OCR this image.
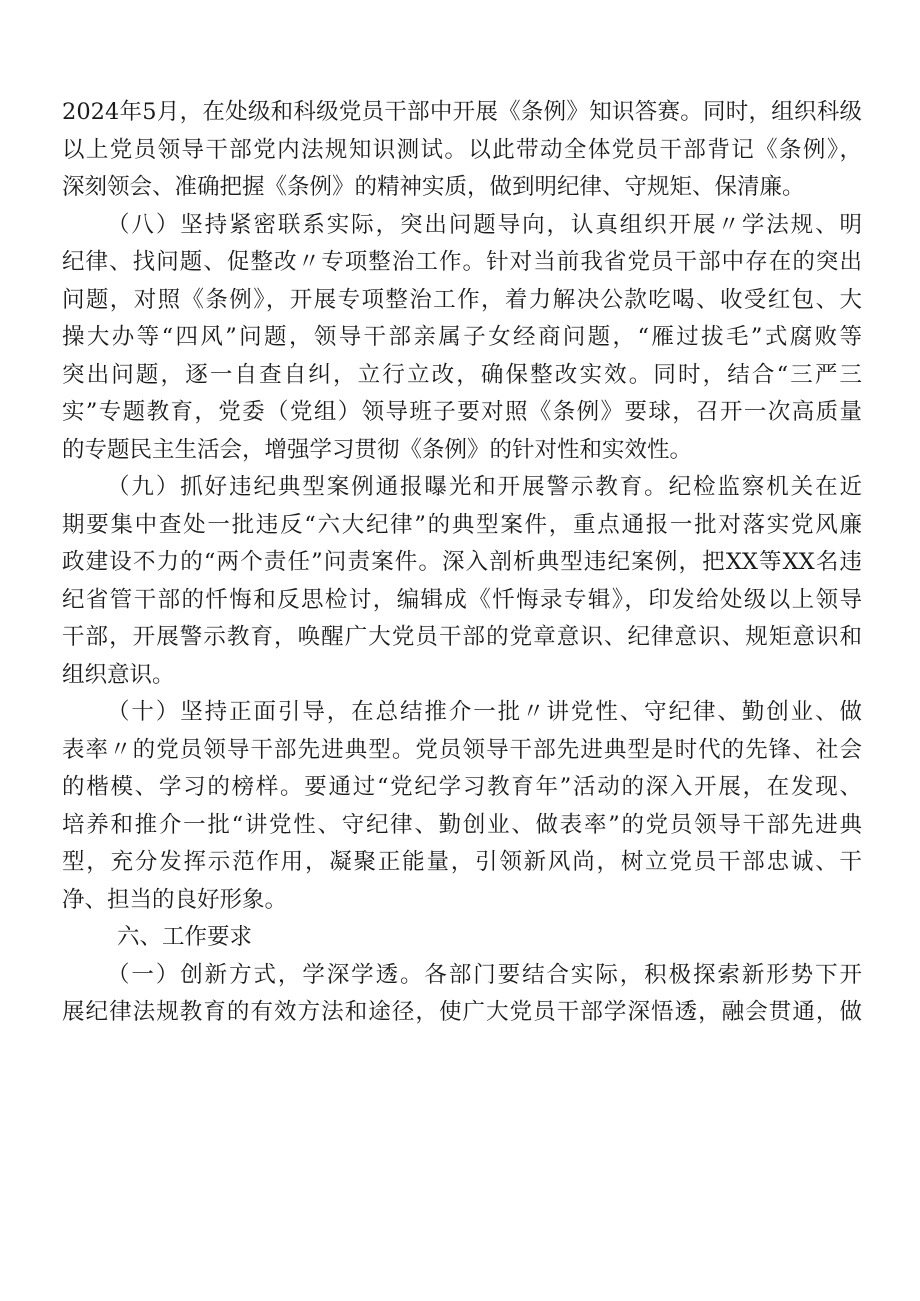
2024年5月，在处级和科级党员干部中开展《条例》知识答赛。同时，组织科级
以上党员领导干部党内法规知识测试。以此带动全体党员干部背记《条例》，
深刻领会、准确把握《条例》的精神实质，做到明纪律、守规矩、保清廉。
（八）坚持紧密联系实际，突出问题导向，认真组织开展〃学法规、明
纪律、找问题、促整改〃专项整治工作。针对当前我省党员干部中存在的突出
问题，对照《条例》，开展专项整治工作，着力解决公款吃喝、收受红包、大
操大办等“四风”问题，领导干部亲属子女经商问题，“雁过拔毛”式腐败等
突出问题，逐一自查自纠，立行立改，确保整改实效。同时，结合“三严三
实”专题教育，党委（党组）领导班子要对照《条例》要球，召开一次高质量
的专题民主生活会，增强学习贯彻《条例》的针对性和实效性。
（九）抓好违纪典型案例通报曝光和开展警示教育。纪检监察机关在近
期要集中查处一批违反“六大纪律”的典型案件，重点通报一批对落实党风廉
政建设不力的“两个责任”问责案件。深入剖析典型违纪案例，把XX等XX名违
纪省管干部的忏悔和反思检讨，编辑成《忏悔录专辑》，印发给处级以上领导
干部，开展警示教育，唤醒广大党员干部的党章意识、纪律意识、规矩意识和
组织意识。
（十）坚持正面引导，在总结推介一批〃讲党性、守纪律、勤创业、做
表率〃的党员领导干部先进典型。党员领导干部先进典型是时代的先锋、社会
的楷模、学习的榜样。要通过“党纪学习教育年”活动的深入开展，在发现、
培养和推介一批“讲党性、守纪律、勤创业、做表率”的党员领导干部先进典
型，充分发挥示范作用，凝聚正能量，引领新风尚，树立党员干部忠诚、干
净、担当的良好形象。
六、工作要求
（一）创新方式，学深学透。各部门要结合实际，积极探索新形势下开
展纪律法规教育的有效方法和途径，使广大党员干部学深悟透，融会贯通，做
